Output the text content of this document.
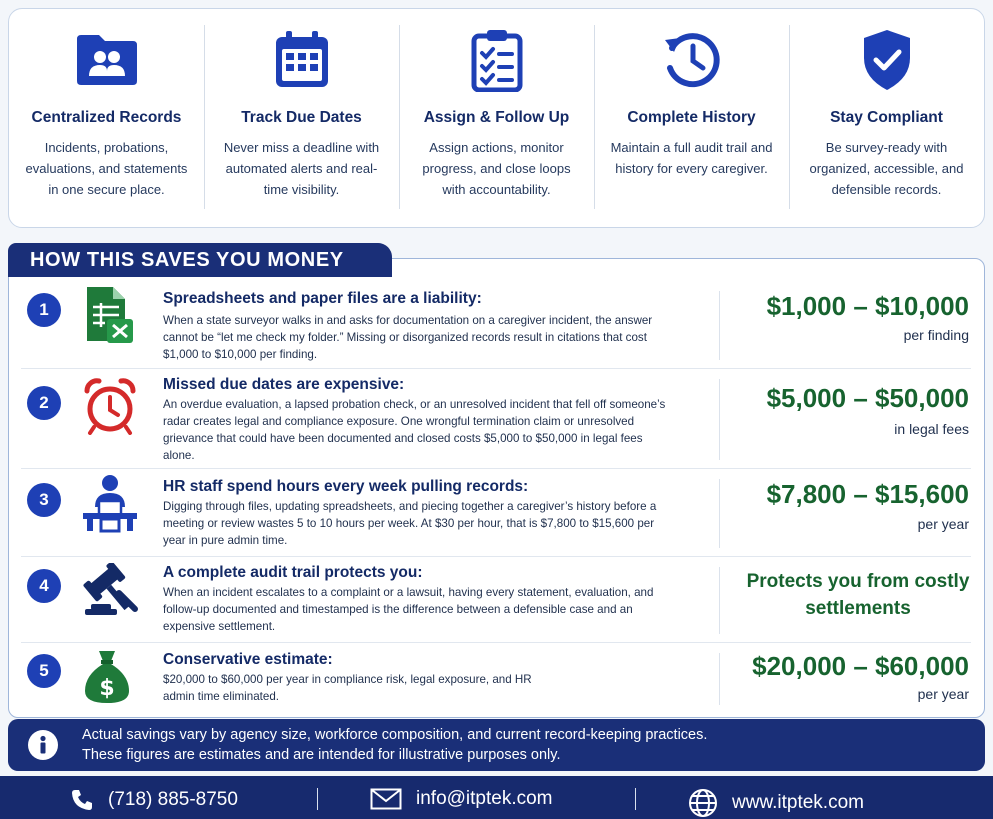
Centralized Records
Incidents, probations, evaluations, and statements in one secure place.
Track Due Dates
Never miss a deadline with automated alerts and real-time visibility.
Assign & Follow Up
Assign actions, monitor progress, and close loops with accountability.
Complete History
Maintain a full audit trail and history for every caregiver.
Stay Compliant
Be survey-ready with organized, accessible, and defensible records.
HOW THIS SAVES YOU MONEY
1
Spreadsheets and paper files are a liability:
When a state surveyor walks in and asks for documentation on a caregiver incident, the answer cannot be “let me check my folder.” Missing or disorganized records result in citations that cost $1,000 to $10,000 per finding.
$1,000 – $10,000
per finding
2
Missed due dates are expensive:
An overdue evaluation, a lapsed probation check, or an unresolved incident that fell off someone’s radar creates legal and compliance exposure. One wrongful termination claim or unresolved grievance that could have been documented and closed costs $5,000 to $50,000 in legal fees alone.
$5,000 – $50,000
in legal fees
3
HR staff spend hours every week pulling records:
Digging through files, updating spreadsheets, and piecing together a caregiver’s history before a meeting or review wastes 5 to 10 hours per week. At $30 per hour, that is $7,800 to $15,600 per year in pure admin time.
$7,800 – $15,600
per year
4
A complete audit trail protects you:
When an incident escalates to a complaint or a lawsuit, having every statement, evaluation, and follow-up documented and timestamped is the difference between a defensible case and an expensive settlement.
Protects you from costly settlements
5
$
Conservative estimate:
$20,000 to $60,000 per year in compliance risk, legal exposure, and HR admin time eliminated.
$20,000 – $60,000
per year
Actual savings vary by agency size, workforce composition, and current record-keeping practices.
These figures are estimates and are intended for illustrative purposes only.
(718) 885-8750	info@itptek.com	www.itptek.com
